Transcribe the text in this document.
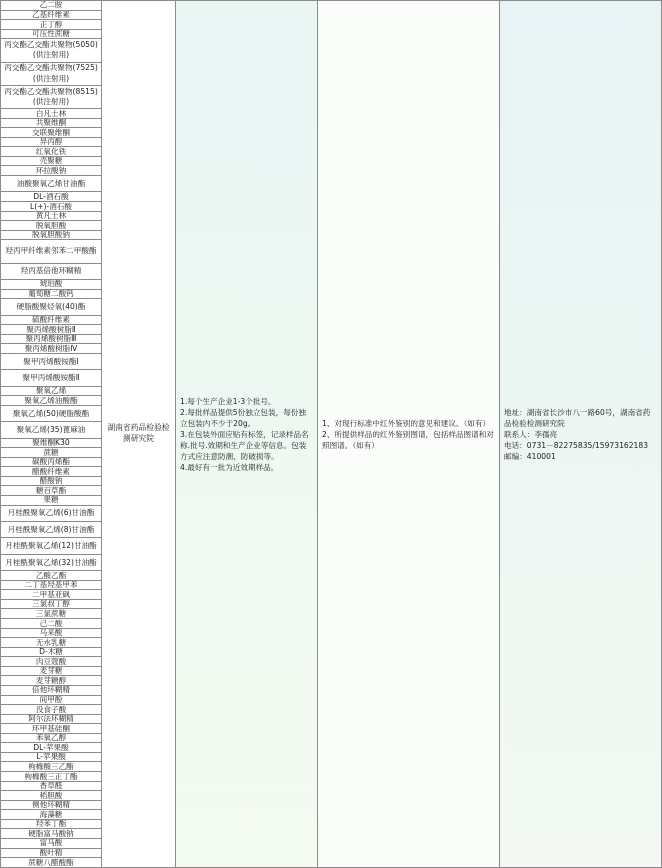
乙二胺
乙基纤维素
正丁醇
可压性蔗糖
丙交酯乙交酯共聚物(5050)(供注射用)
丙交酯乙交酯共聚物(7525)(供注射用)
丙交酯乙交酯共聚物(8515)(供注射用)
白凡士林
共聚维酮
交联聚维酮
异丙醇
红氧化铁
壳聚糖
环拉酸钠
油酸聚氧乙烯甘油酯
DL-酒石酸
L(+)-酒石酸
黄凡士林
脱氧胆酸
脱氧胆酸钠
羟丙甲纤维素邻苯二甲酸酯
羟丙基倍他环糊精
琥珀酸
葡萄糖二酸钙
硬脂酸聚烃氧(40)酯
硫酸纤维素
聚丙烯酸树脂Ⅱ
聚丙烯酸树脂Ⅲ
聚丙烯酸树脂Ⅳ
聚甲丙烯酸铵酯Ⅰ
聚甲丙烯酸铵酯Ⅱ
聚氧乙烯
聚氧乙烯油酸酯
聚氧乙烯(50)硬脂酸酯
聚氧乙烯(35)蓖麻油
聚维酮K30
蔗糖
碳酸丙烯酯
醋酸纤维素
醋酸钠
糖百草酯
果糖
月桂酰聚氧乙烯(6)甘油酯
月桂酰聚氧乙烯(8)甘油酯
月桂酰聚氧乙烯(12)甘油酯
月桂酰聚氧乙烯(32)甘油酯
乙酸乙酯
二丁基羟基甲苯
二甲基亚砜
三氯叔丁醇
三氯蔗糖
己二酸
马来酸
无水乳糖
D-木糖
肉豆蔻酸
麦芽糖
麦芽糖醇
倍他环糊精
间甲酚
没食子酸
阿尔法环糊精
环甲基硅酮
苯氧乙醇
DL-苹果酸
L-苹果酸
枸橼酸三乙酯
枸橼酸三正丁酯
香草醛
稻胆酸
侧他环糊精
海藻糖
羟苯丁酯
硬脂富马酸钠
富马酸
酸叶精
蔗糖八醋酸酯
湖南省药品检验检测研究院
1.每个生产企业1-3个批号。
2.每批样品提供5份独立包装，每份独立包装内不少于20g。
3.在包装外面应贴有标签，记录样品名称.批号.效期和生产企业等信息。包装方式应注意防潮、防破损等。
4.最好有一批为近效期样品。
1、对现行标准中红外鉴别的意见和建议。（如有）
2、所提供样品的红外鉴别图谱，包括样品图谱和对照图谱。（如有）
地址：湖南省长沙市八一路60号，湖南省药品检验检测研究院
联系人：李孺亮
电话：0731－82275835/15973162183
邮编：410001
